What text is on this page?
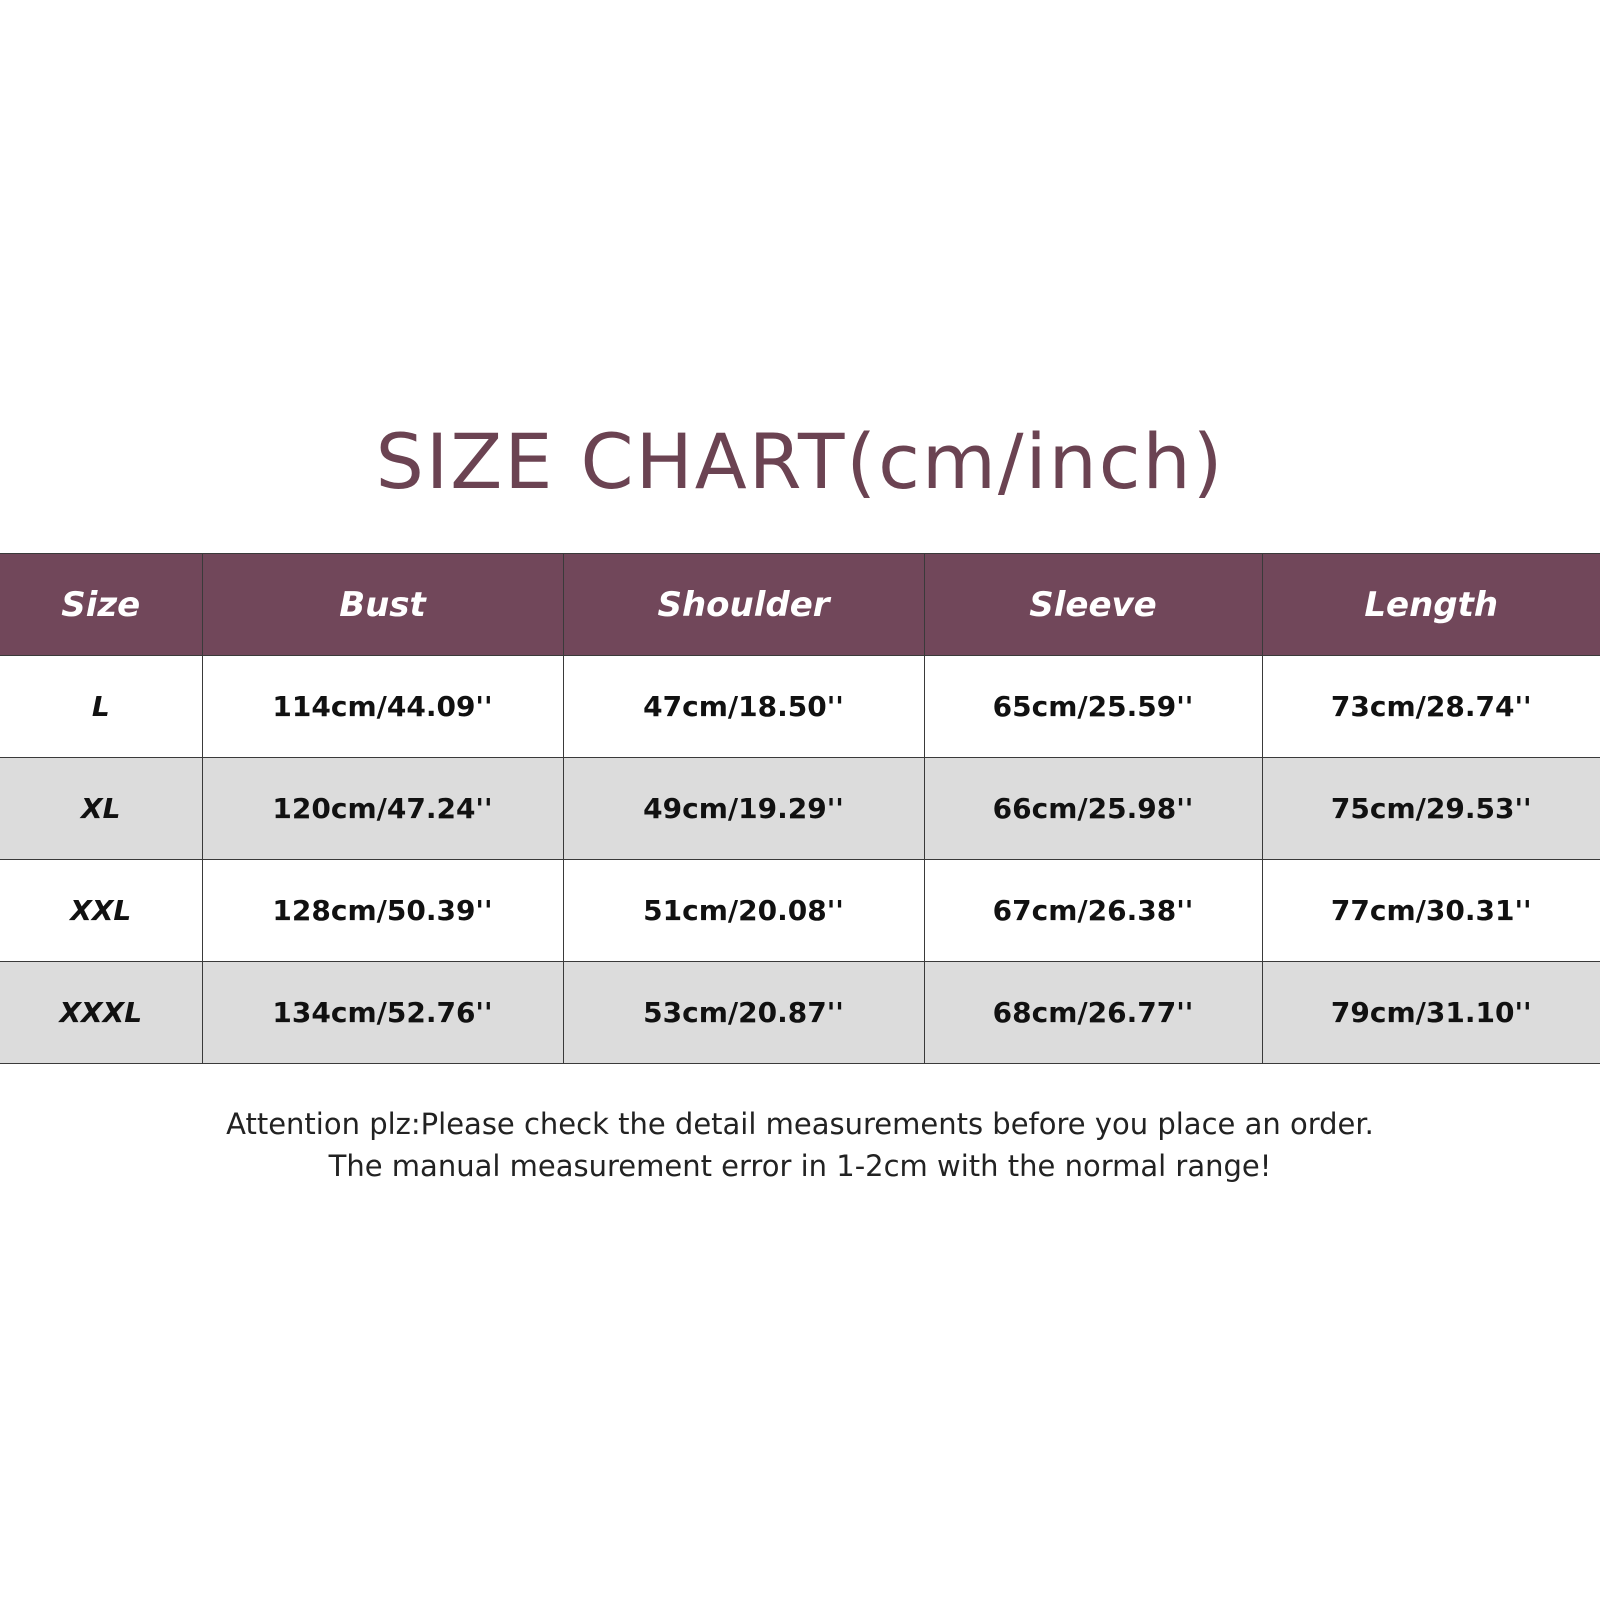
SIZE CHART(cm/inch)
Size	Bust	Shoulder	Sleeve	Length
L	114cm/44.09''	47cm/18.50''	65cm/25.59''	73cm/28.74''
XL	120cm/47.24''	49cm/19.29''	66cm/25.98''	75cm/29.53''
XXL	128cm/50.39''	51cm/20.08''	67cm/26.38''	77cm/30.31''
XXXL	134cm/52.76''	53cm/20.87''	68cm/26.77''	79cm/31.10''
Attention plz:Please check the detail measurements before you place an order.
The manual measurement error in 1-2cm with the normal range!
